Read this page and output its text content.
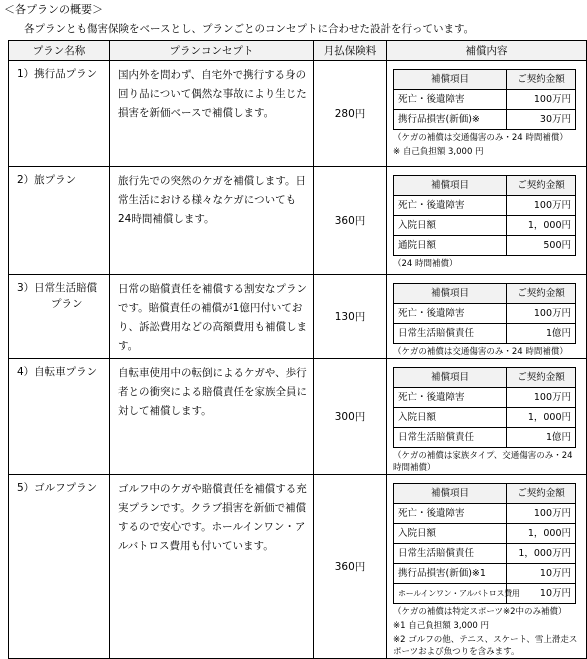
＜各プランの概要＞
各プランとも傷害保険をベースとし、プランごとのコンセプトに合わせた設計を行っています。
プラン名称	プランコンセプト	月払保険料	補償内容

1）携行品プラン	国内外を問わず、自宅外で携行する身の回り品について偶然な事故により生じた損害を新価ベースで補償します。	280円	
補償項目	ご契約金額
死亡・後遺障害	100万円
携行品損害(新価)※	30万円
（ケガの補償は交通傷害のみ・24 時間補償）
※ 自己負担額 3,000 円

2）旅プラン	旅行先での突然のケガを補償します。日常生活における様々なケガについても24時間補償します。	360円	
補償項目	ご契約金額
死亡・後遺障害	100万円
入院日額	1，000円
通院日額	500円
（24 時間補償）

3）日常生活賠償
プラン
	日常の賠償責任を補償する割安なプランです。賠償責任の補償が1億円付いており、訴訟費用などの高額費用も補償します。	130円	
補償項目	ご契約金額
死亡・後遺障害	100万円
日常生活賠償責任	1億円
（ケガの補償は交通傷害のみ・24 時間補償）

4）自転車プラン	自転車使用中の転倒によるケガや、歩行者との衝突による賠償責任を家族全員に対して補償します。	300円	
補償項目	ご契約金額
死亡・後遺障害	100万円
入院日額	1，000円
日常生活賠償責任	1億円
（ケガの補償は家族タイプ、交通傷害のみ・24 時間補償）

5）ゴルフプラン	ゴルフ中のケガや賠償責任を補償する充実プランです。クラブ損害を新価で補償するので安心です。ホールインワン・アルバトロス費用も付いています。	360円	
補償項目	ご契約金額
死亡・後遺障害	100万円
入院日額	1，000円
日常生活賠償責任	1，000万円
携行品損害(新価)※1	10万円
ホールインワン・アルバトロス費用	10万円
（ケガの補償は特定スポーツ※2中のみ補償）
※1 自己負担額 3,000 円
※2 ゴルフの他、テニス、スケート、雪上滑走スポーツおよび魚つりを含みます。
